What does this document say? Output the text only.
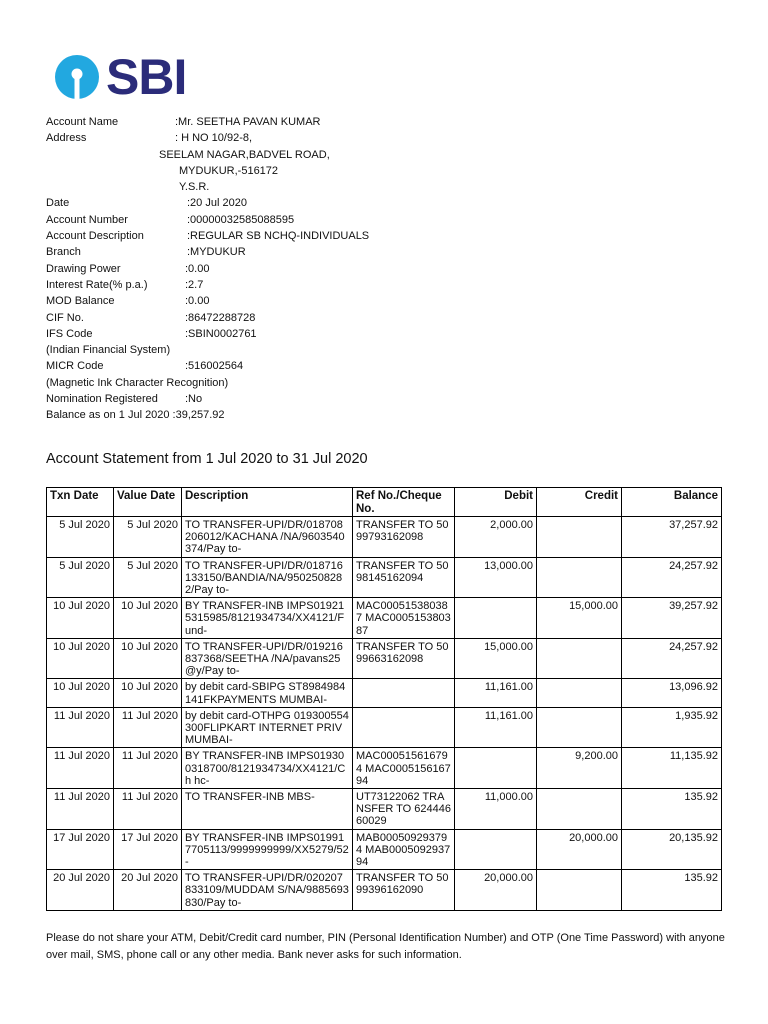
SBI
Account Name	:Mr. SEETHA PAVAN KUMAR
Address	: H NO 10/92-8,
SEELAM NAGAR,BADVEL ROAD,
MYDUKUR,-516172
Y.S.R.
Date	:20 Jul 2020
Account Number	:00000032585088595
Account Description	:REGULAR SB NCHQ-INDIVIDUALS
Branch	:MYDUKUR
Drawing Power	:0.00
Interest Rate(% p.a.)	:2.7
MOD Balance	:0.00
CIF No.	:86472288728
IFS Code	:SBIN0002761
(Indian Financial System)
MICR Code	:516002564
(Magnetic Ink Character Recognition)
Nomination Registered :No
Balance as on 1 Jul 2020 :39,257.92
Account Statement from 1 Jul 2020 to 31 Jul 2020
Txn Date	Value Date	Description	Ref No./Cheque No.	Debit	Credit	Balance
5 Jul 2020	5 Jul 2020	TO TRANSFER-UPI/DR/018708206012/KACHANA /NA/9603540374/Pay to-	TRANSFER TO 5099793162098	2,000.00		37,257.92
5 Jul 2020	5 Jul 2020	TO TRANSFER-UPI/DR/018716133150/BANDIA/NA/9502508282/Pay to-	TRANSFER TO 5098145162094	13,000.00		24,257.92
10 Jul 2020	10 Jul 2020	BY TRANSFER-INB IMPS019215315985/8121934734/XX4121/Fund-	MAC000515380387 MAC000515380387		15,000.00	39,257.92
10 Jul 2020	10 Jul 2020	TO TRANSFER-UPI/DR/019216837368/SEETHA /NA/pavans25@y/Pay to-	TRANSFER TO 5099663162098	15,000.00		24,257.92
10 Jul 2020	10 Jul 2020	by debit card-SBIPG ST8984984141FKPAYMENTS MUMBAI-		11,161.00		13,096.92
11 Jul 2020	11 Jul 2020	by debit card-OTHPG 019300554300FLIPKART INTERNET PRIVMUMBAI-		11,161.00		1,935.92
11 Jul 2020	11 Jul 2020	BY TRANSFER-INB IMPS019300318700/8121934734/XX4121/Ch hc-	MAC000515616794 MAC000515616794		9,200.00	11,135.92
11 Jul 2020	11 Jul 2020	TO TRANSFER-INB MBS-	UT73122062 TRANSFER TO 62444660029	11,000.00		135.92
17 Jul 2020	17 Jul 2020	BY TRANSFER-INB IMPS019917705113/9999999999/XX5279/52-	MAB000509293794 MAB000509293794		20,000.00	20,135.92
20 Jul 2020	20 Jul 2020	TO TRANSFER-UPI/DR/020207833109/MUDDAM S/NA/9885693830/Pay to-	TRANSFER TO 5099396162090	20,000.00		135.92
Please do not share your ATM, Debit/Credit card number, PIN (Personal Identification Number) and OTP (One Time Password) with anyone over mail, SMS, phone call or any other media. Bank never asks for such information.
